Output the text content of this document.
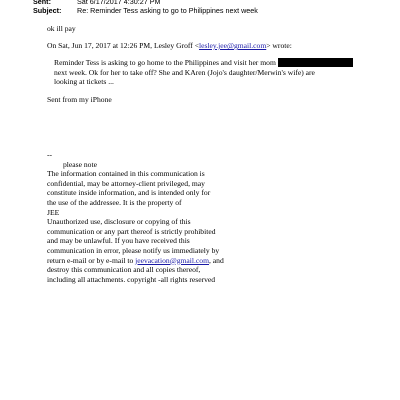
Sent:	Sat 6/17/2017 4:30:27 PM
Subject: Re: Reminder Tess asking to go to Philippines next week
ok ill pay
On Sat, Jun 17, 2017 at 12:26 PM, Lesley Groff <lesley.jee@gmail.com> wrote:
Reminder Tess is asking to go home to the Philippines and visit her mom
next week. Ok for her to take off? She and KAren (Jojo's daughter/Merwin's wife) are
looking at tickets ...
Sent from my iPhone
--
please note
The information contained in this communication is
confidential, may be attorney-client privileged, may
constitute inside information, and is intended only for
the use of the addressee. It is the property of
JEE
Unauthorized use, disclosure or copying of this
communication or any part thereof is strictly prohibited
and may be unlawful. If you have received this
communication in error, please notify us immediately by
return e-mail or by e-mail to jeevacation@gmail.com, and
destroy this communication and all copies thereof,
including all attachments. copyright -all rights reserved
